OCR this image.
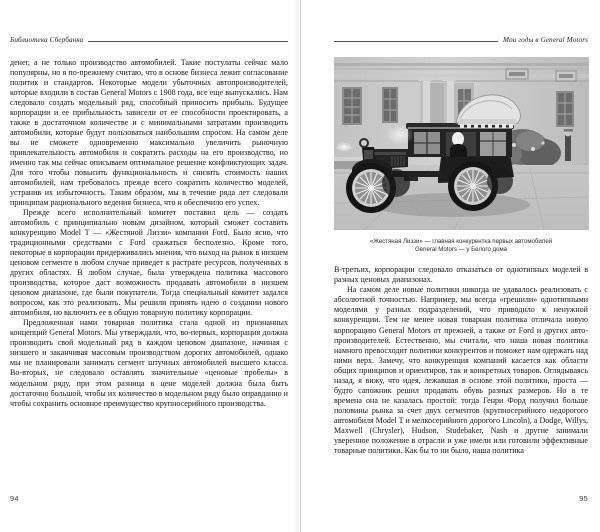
Библиотека Сбербанка

денег, а не только производство автомобилей. Такие постулаты сейчас мало популярны, но я по-прежнему считаю, что в основе бизнеса лежит согласование политик и стандартов. Некоторые модели убыточных автопроизводителей, которые входили в состав General Motors с 1908 года, все еще выпускались. Нам следовало создать модельный ряд, способный приносить прибыль. Будущее корпорации и ее прибыльность зависели от ее способности проектировать, а также в достаточном количестве и с минимальными затратами производить автомобили, которые будут пользоваться наибольшим спросом. На самом деле вы не сможете одновременно максимально увеличить рыночную привлекательность автомобиля и сократить расходы на его производство, но именно так мы сейчас описываем оптимальное решение конфликтующих задач. Для того чтобы повысить функциональность и снизить стоимость наших автомобилей, нам требовалось прежде всего сократить количество моделей, устранив их избыточность. Таким образом, мы в течение ряда лет следовали принципам рационального ведения бизнеса, что и обеспечило его успех.

Прежде всего исполнительный комитет поставил цель — создать автомобиль с принципиально новым дизайном, который сможет составить конкуренцию Model T — «Жестяной Лиззи» компании Ford. Было ясно, что традиционными средствами с Ford сражаться бесполезно. Кроме того, некоторые в корпорации придерживались мнения, что выход на рынок в низшем ценовом сегменте в любом случае приведет к растрате ресурсов, полученных в других областях. В любом случае, была утверждена политика массового производства, которое даст возможность продавать автомобили в низшем ценовом диапазоне, где были покупатели. Тогда специальный комитет задался вопросом, как это реализовать. Мы решили принять идею о создании нового автомобиля, но включить ее в общую товарную политику корпорации.

Предложенная нами товарная политика стала одной из признанных концепций General Motors. Мы утверждали, что, во-первых, корпорация должна производить свой модельный ряд в каждом ценовом диапазоне, начиная с низшего и заканчивая массовым производством дорогих автомобилей, однако мы не планировали занимать сегмент штучных автомобилей высшего класса. Во-вторых, не следовало оставлять значительные «ценовые пробелы» в модельном ряду, при этом разница в цене моделей должна была быть достаточно большой, чтобы их количество в модельном ряду было оправданно и чтобы сохранить основное преимущество крупносерийного производства.

94
Мои годы в General Motors
«Жестяная Лиззи» — главная конкурентка первых автомобилей
General Motors — у Белого дома

В-третьих, корпорации следовало отказаться от однотипных моделей в разных ценовых диапазонах.

На самом деле новые политики никогда не удавалось реализовать с абсолютной точностью. Например, мы всегда «грешили» однотипными моделями у разных подразделений, что приводило к ненужной конкуренции. Тем не менее новая товарная политика отличала новую корпорацию General Motors от прежней, а также от Ford и других автопроизводителей. Естественно, мы считали, что наша новая политика намного превосходит политики конкурентов и поможет нам одержать над ними верх. Замечу, что конкуренция компаний касается как области общих принципов и ориентиров, так и конкретных товаров. Оглядываясь назад, я вижу, что идея, лежавшая в основе этой политики, проста — будто сапожник решил продавать обувь разных размеров. Но в те времена она не казалась простой: тогда Генри Форд получил больше половины рынка за счет двух сегментов (крупносерийного недорогого автомобиля Model T и мелкосерийного дорогого Lincoln), а Dodge, Willys, Maxwell (Chrysler), Hudson, Studebaker, Nash и другие занимали уверенное положение в отрасли и уже имели или готовили эффективные товарные политики. Как бы то ни было, наша политика

95
